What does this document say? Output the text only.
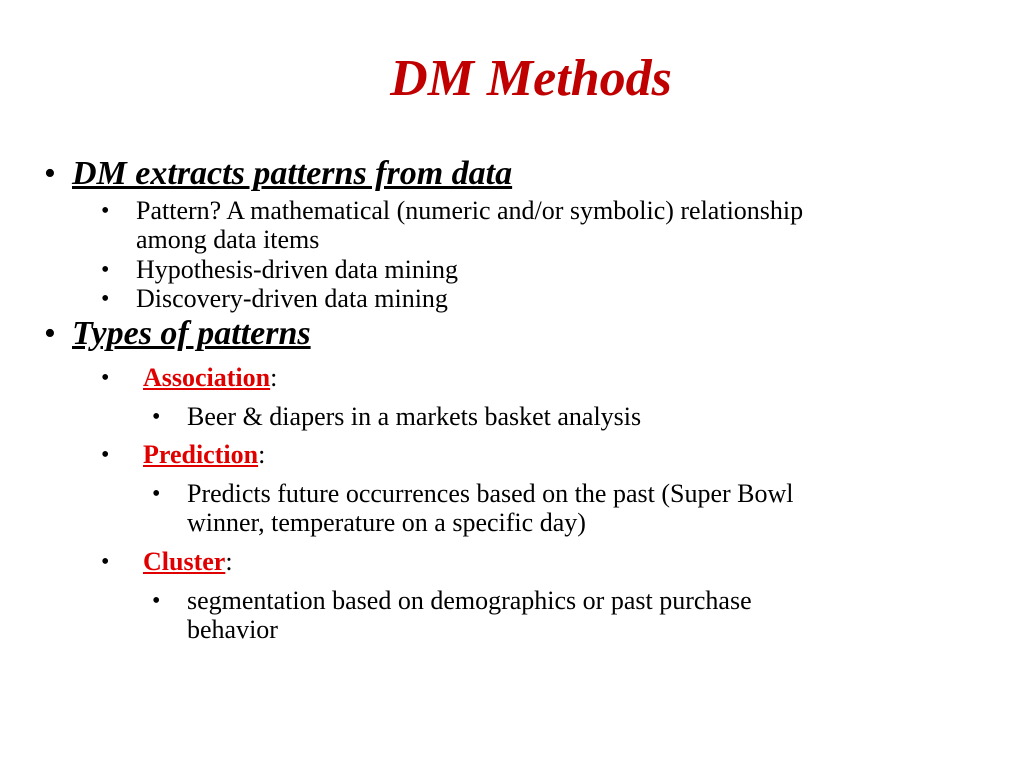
DM Methods
• DM extracts patterns from data
• Pattern? A mathematical (numeric and/or symbolic) relationship
among data items
• Hypothesis-driven data mining
• Discovery-driven data mining
• Types of patterns
• Association:
• Beer & diapers in a markets basket analysis
• Prediction:
• Predicts future occurrences based on the past (Super Bowl
winner, temperature on a specific day)
• Cluster:
• segmentation based on demographics or past purchase
behavior
